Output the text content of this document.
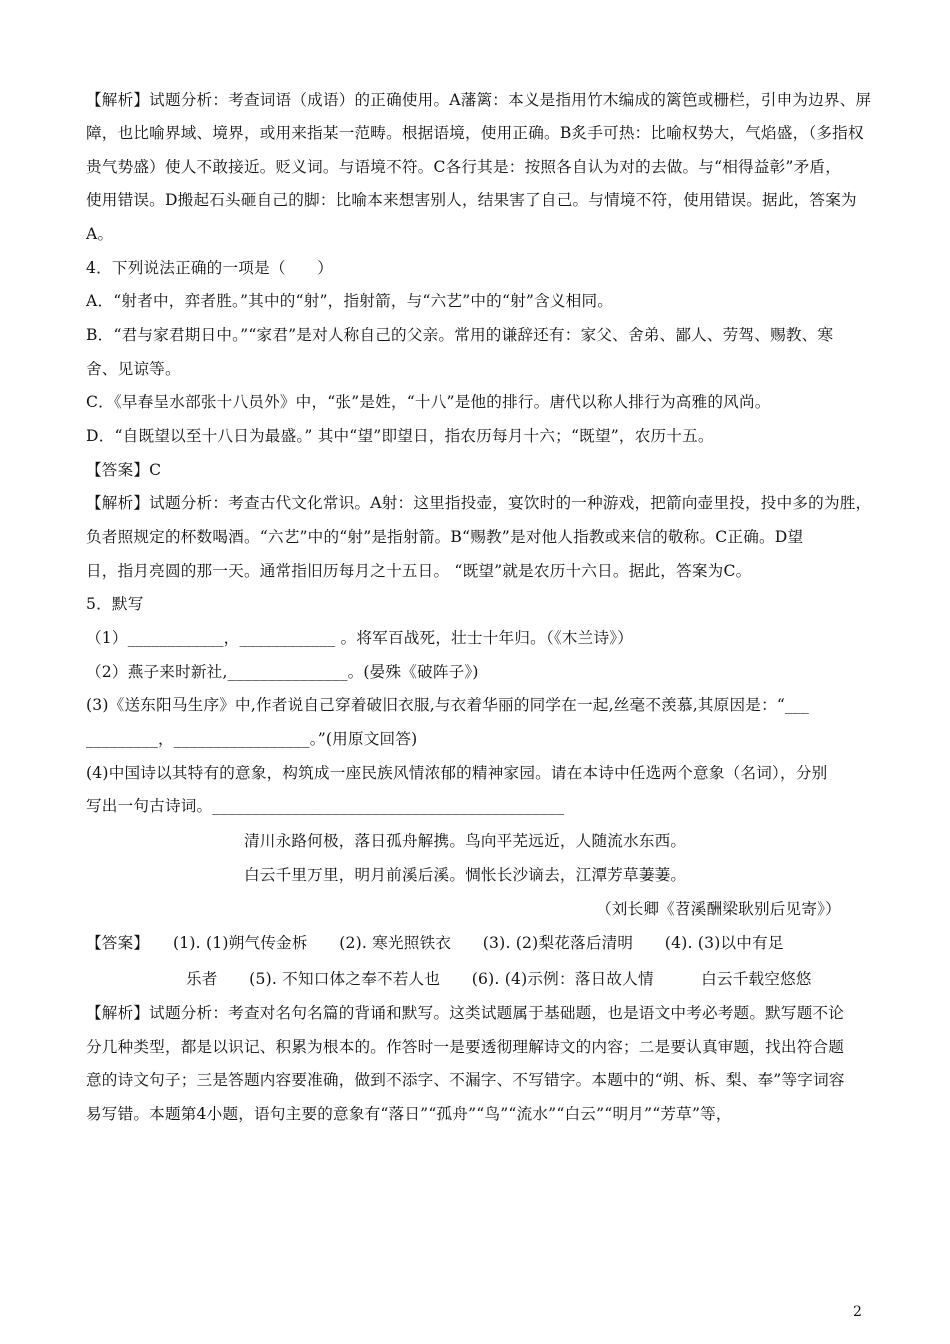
【解析】试题分析：考查词语（成语）的正确使用。A藩篱：本义是指用竹木编成的篱笆或栅栏，引申为边界、屏
障，也比喻界域、境界，或用来指某一范畴。根据语境，使用正确。B炙手可热：比喻权势大，气焰盛，（多指权
贵气势盛）使人不敢接近。贬义词。与语境不符。C各行其是：按照各自认为对的去做。与“相得益彰”矛盾，
使用错误。D搬起石头砸自己的脚：比喻本来想害别人，结果害了自己。与情境不符，使用错误。据此，答案为
A。
4．下列说法正确的一项是（　　）
A．“射者中，弈者胜。”其中的“射”，指射箭，与“六艺”中的“射”含义相同。
B．“君与家君期日中。”“家君”是对人称自己的父亲。常用的谦辞还有：家父、舍弟、鄙人、劳驾、赐教、寒
舍、见谅等。
C．《早春呈水部张十八员外》中，“张”是姓，“十八”是他的排行。唐代以称人排行为高雅的风尚。
D．“自既望以至十八日为最盛。” 其中“望”即望日，指农历每月十六；“既望”，农历十五。
【答案】C
【解析】试题分析：考查古代文化常识。A射：这里指投壶，宴饮时的一种游戏，把箭向壶里投，投中多的为胜，
负者照规定的杯数喝酒。“六艺”中的“射”是指射箭。B“赐教”是对他人指教或来信的敬称。C正确。D望
日，指月亮圆的那一天。通常指旧历每月之十五日。 “既望”就是农历十六日。据此，答案为C。
5．默写
（1）____________，____________ 。将军百战死，壮士十年归。（《木兰诗》）
（2）燕子来时新社,_______________。(晏殊《破阵子》)
(3)《送东阳马生序》中,作者说自己穿着破旧衣服,与衣着华丽的同学在一起,丝毫不羡慕,其原因是：“___
_________，_________________。”(用原文回答)
(4)中国诗以其特有的意象，构筑成一座民族风情浓郁的精神家园。请在本诗中任选两个意象（名词），分别
写出一句古诗词。____________________________________________
清川永路何极，落日孤舟解携。鸟向平芜远近，人随流水东西。
白云千里万里，明月前溪后溪。惆怅长沙谪去，江潭芳草萋萋。
（刘长卿《苕溪酬梁耿别后见寄》）
【答案】　　(1). (1)朔气传金柝　　(2). 寒光照铁衣　　(3). (2)梨花落后清明　　(4). (3)以中有足
乐者　　(5). 不知口体之奉不若人也　　(6). (4)示例：落日故人情　　　白云千载空悠悠
【解析】试题分析：考查对名句名篇的背诵和默写。这类试题属于基础题，也是语文中考必考题。默写题不论
分几种类型，都是以识记、积累为根本的。作答时一是要透彻理解诗文的内容；二是要认真审题，找出符合题
意的诗文句子；三是答题内容要准确，做到不添字、不漏字、不写错字。本题中的“朔、柝、梨、奉”等字词容
易写错。本题第4小题，语句主要的意象有“落日”“孤舟”“鸟”“流水”“白云”“明月”“芳草”等，
2
